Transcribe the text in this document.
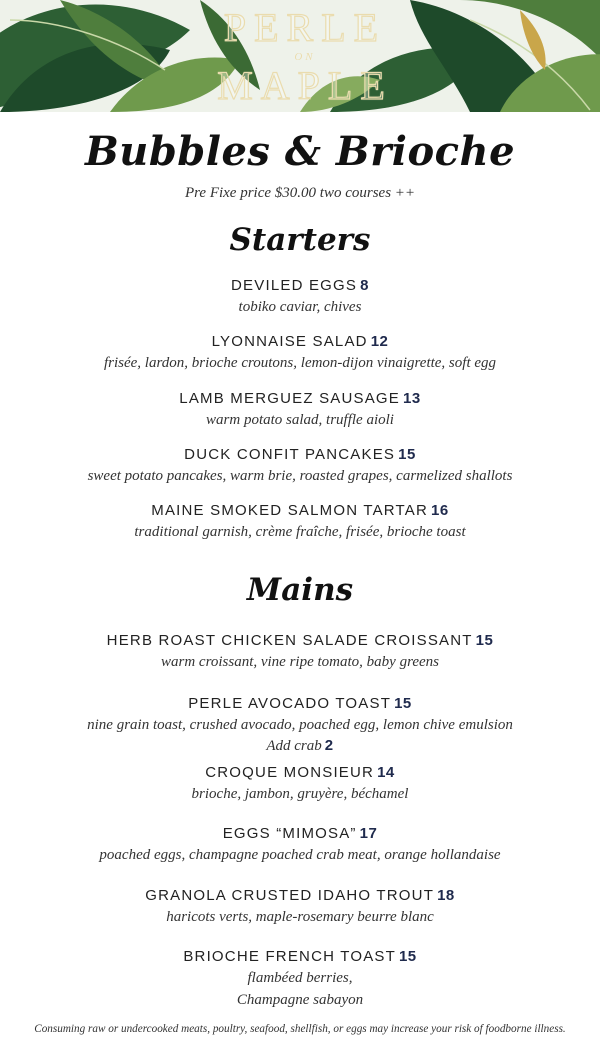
PERLE
ON
MAPLE
Bubbles & Brioche
Pre Fixe price $30.00 two courses ++
Starters
DEVILED EGGS 8
tobiko caviar, chives
LYONNAISE SALAD 12
frisée, lardon, brioche croutons, lemon-dijon vinaigrette, soft egg
LAMB MERGUEZ SAUSAGE 13
warm potato salad, truffle aioli
DUCK CONFIT PANCAKES 15
sweet potato pancakes, warm brie, roasted grapes, carmelized shallots
MAINE SMOKED SALMON TARTAR 16
traditional garnish, crème fraîche, frisée, brioche toast
Mains
HERB ROAST CHICKEN SALADE CROISSANT 15
warm croissant, vine ripe tomato, baby greens
PERLE AVOCADO TOAST 15
nine grain toast, crushed avocado, poached egg, lemon chive emulsion
Add crab 2
CROQUE MONSIEUR 14
brioche, jambon, gruyère, béchamel
EGGS “MIMOSA” 17
poached eggs, champagne poached crab meat, orange hollandaise
GRANOLA CRUSTED IDAHO TROUT 18
haricots verts, maple-rosemary beurre blanc
BRIOCHE FRENCH TOAST 15
flambéed berries,
Champagne sabayon
Consuming raw or undercooked meats, poultry, seafood, shellfish, or eggs may increase your risk of foodborne illness.
